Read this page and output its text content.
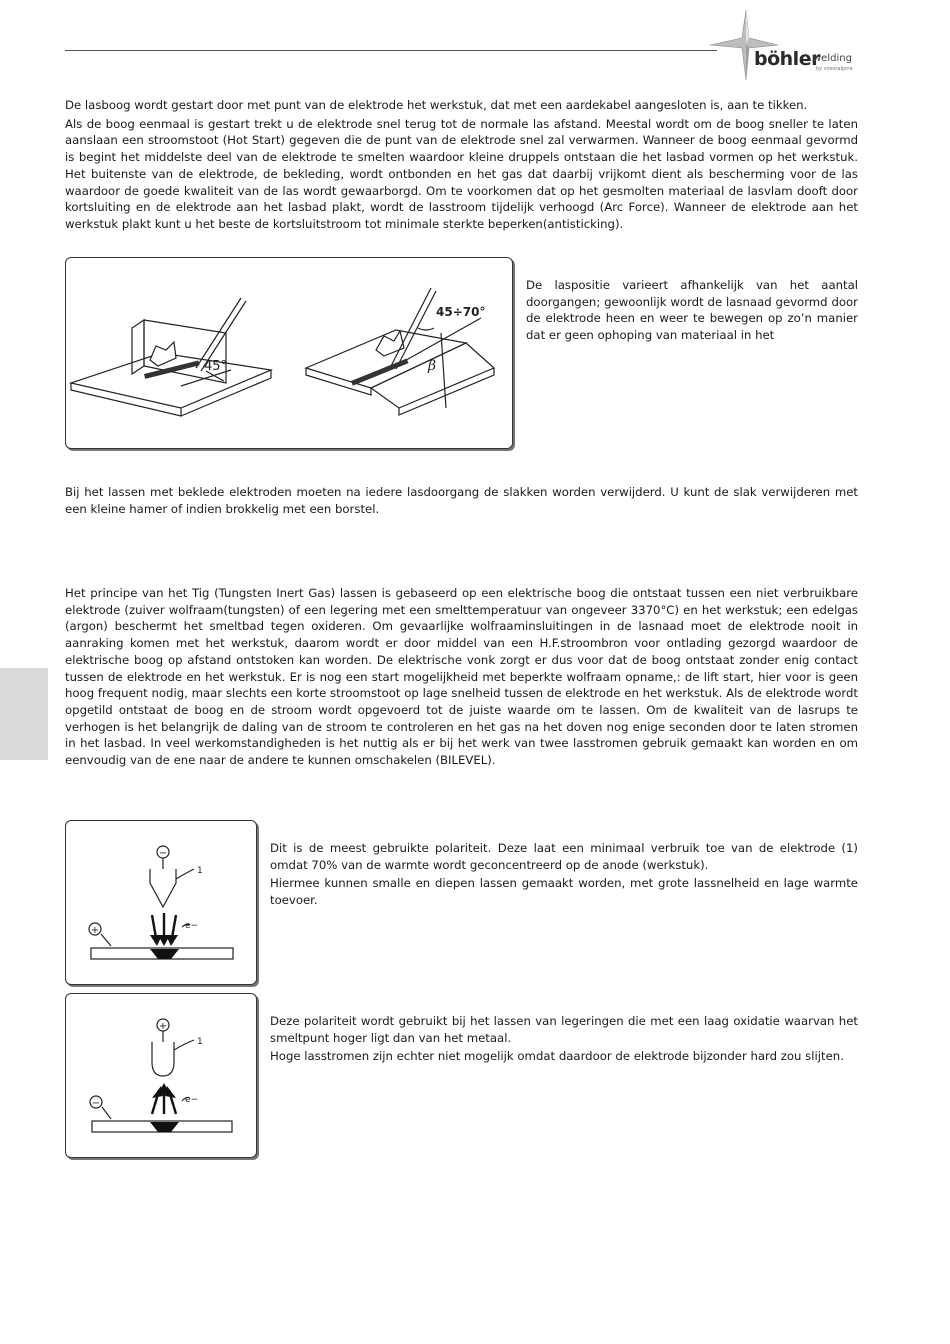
böhler
welding
by voestalpine

De lasboog wordt gestart door met punt van de elektrode het werkstuk, dat met een aardekabel aangesloten is, aan te tikken.

Als de boog eenmaal is gestart trekt u de elektrode snel terug tot de normale las afstand. Meestal wordt om de boog sneller te laten aanslaan een stroomstoot (Hot Start) gegeven die de punt van de elektrode snel zal verwarmen. Wanneer de boog eenmaal gevormd is begint het middelste deel van de elektrode te smelten waardoor kleine druppels ontstaan die het lasbad vormen op het werkstuk. Het buitenste van de elektrode, de bekleding, wordt ontbonden en het gas dat daarbij vrijkomt dient als bescherming voor de las waardoor de goede kwaliteit van de las wordt gewaarborgd. Om te voorkomen dat op het gesmolten materiaal de lasvlam dooft door kortsluiting en de elektrode aan het lasbad plakt, wordt de lasstroom tijdelijk verhoogd (Arc Force). Wanneer de elektrode aan het werkstuk plakt kunt u het beste de kortsluitstroom tot minimale sterkte beperken(antisticking).

45°
45÷70°
β

De laspositie varieert afhankelijk van het aantal doorgangen; gewoonlijk wordt de lasnaad gevormd door de elektrode heen en weer te bewegen op zo’n manier dat er geen ophoping van materiaal in het

Bij het lassen met beklede elektroden moeten na iedere lasdoorgang de slakken worden verwijderd. U kunt de slak verwijderen met een kleine hamer of indien brokkelig met een borstel.

Het principe van het Tig (Tungsten Inert Gas) lassen is gebaseerd op een elektrische boog die ontstaat tussen een niet verbruikbare elektrode (zuiver wolfraam(tungsten) of een legering met een smelttemperatuur van ongeveer 3370°C) en het werkstuk; een edelgas (argon) beschermt het smeltbad tegen oxideren. Om gevaarlijke wolfraaminsluitingen in de lasnaad moet de elektrode nooit in aanraking komen met het werkstuk, daarom wordt er door middel van een H.F.stroombron voor ontlading gezorgd waardoor de elektrische boog op afstand ontstoken kan worden. De elektrische vonk zorgt er dus voor dat de boog ontstaat zonder enig contact tussen de elektrode en het werkstuk. Er is nog een start mogelijkheid met beperkte wolfraam opname,: de lift start, hier voor is geen hoog frequent nodig, maar slechts een korte stroomstoot op lage snelheid tussen de elektrode en het werkstuk. Als de elektrode wordt opgetild ontstaat de boog en de stroom wordt opgevoerd tot de juiste waarde om te lassen. Om de kwaliteit van de lasrups te verhogen is het belangrijk de daling van de stroom te controleren en het gas na het doven nog enige seconden door te laten stromen in het lasbad. In veel werkomstandigheden is het nuttig als er bij het werk van twee lasstromen gebruik gemaakt kan worden en om eenvoudig van de ene naar de andere te kunnen omschakelen (BILEVEL).

−
+
1
e−

Dit is de meest gebruikte polariteit. Deze laat een minimaal verbruik toe van de elektrode (1) omdat 70% van de warmte wordt geconcentreerd op de anode (werkstuk).

Hiermee kunnen smalle en diepen lassen gemaakt worden, met grote lassnelheid en lage warmte toevoer.

+
−
1
e−

Deze polariteit wordt gebruikt bij het lassen van legeringen die met een laag oxidatie waarvan het smeltpunt hoger ligt dan van het metaal.

Hoge lasstromen zijn echter niet mogelijk omdat daardoor de elektrode bijzonder hard zou slijten.
